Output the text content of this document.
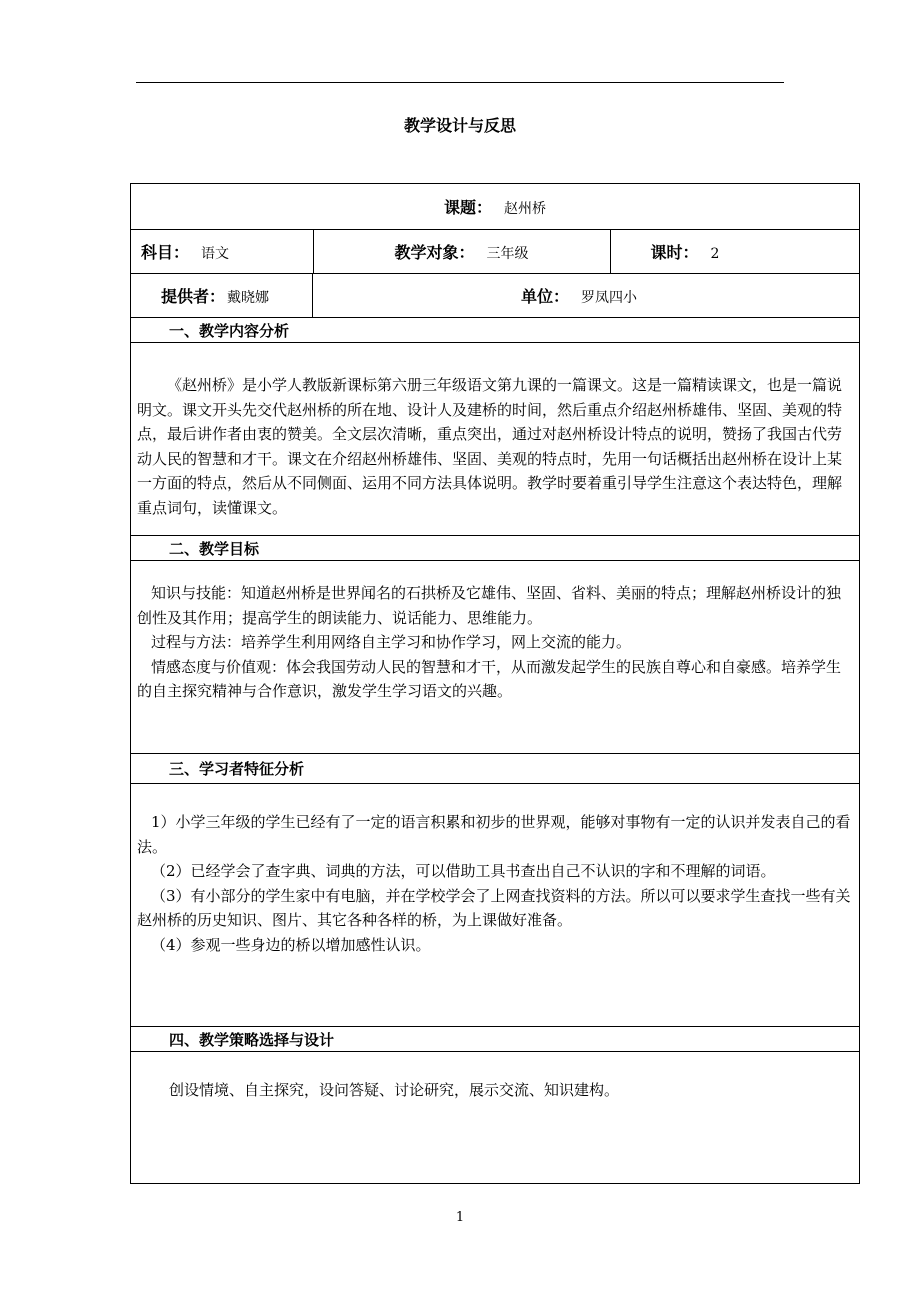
教学设计与反思
课题： 赵州桥

科目： 语文	教学对象： 三年级	课时： 2

提供者： 戴晓娜	单位： 罗凤四小
一、教学内容分析

《赵州桥》是小学人教版新课标第六册三年级语文第九课的一篇课文。这是一篇精读课文，也是一篇说明文。课文开头先交代赵州桥的所在地、设计人及建桥的时间，然后重点介绍赵州桥雄伟、坚固、美观的特点，最后讲作者由衷的赞美。全文层次清晰，重点突出，通过对赵州桥设计特点的说明，赞扬了我国古代劳动人民的智慧和才干。课文在介绍赵州桥雄伟、坚固、美观的特点时，先用一句话概括出赵州桥在设计上某一方面的特点，然后从不同侧面、运用不同方法具体说明。教学时要着重引导学生注意这个表达特色，理解重点词句，读懂课文。

二、教学目标

知识与技能：知道赵州桥是世界闻名的石拱桥及它雄伟、坚固、省料、美丽的特点；理解赵州桥设计的独创性及其作用；提高学生的朗读能力、说话能力、思维能力。

过程与方法：培养学生利用网络自主学习和协作学习，网上交流的能力。

情感态度与价值观：体会我国劳动人民的智慧和才干，从而激发起学生的民族自尊心和自豪感。培养学生的自主探究精神与合作意识，激发学生学习语文的兴趣。

三、学习者特征分析

1）小学三年级的学生已经有了一定的语言积累和初步的世界观，能够对事物有一定的认识并发表自己的看法。

（2）已经学会了查字典、词典的方法，可以借助工具书查出自己不认识的字和不理解的词语。

（3）有小部分的学生家中有电脑，并在学校学会了上网查找资料的方法。所以可以要求学生查找一些有关赵州桥的历史知识、图片、其它各种各样的桥，为上课做好准备。

（4）参观一些身边的桥以增加感性认识。

四、教学策略选择与设计

创设情境、自主探究，设问答疑、讨论研究，展示交流、知识建构。

1
